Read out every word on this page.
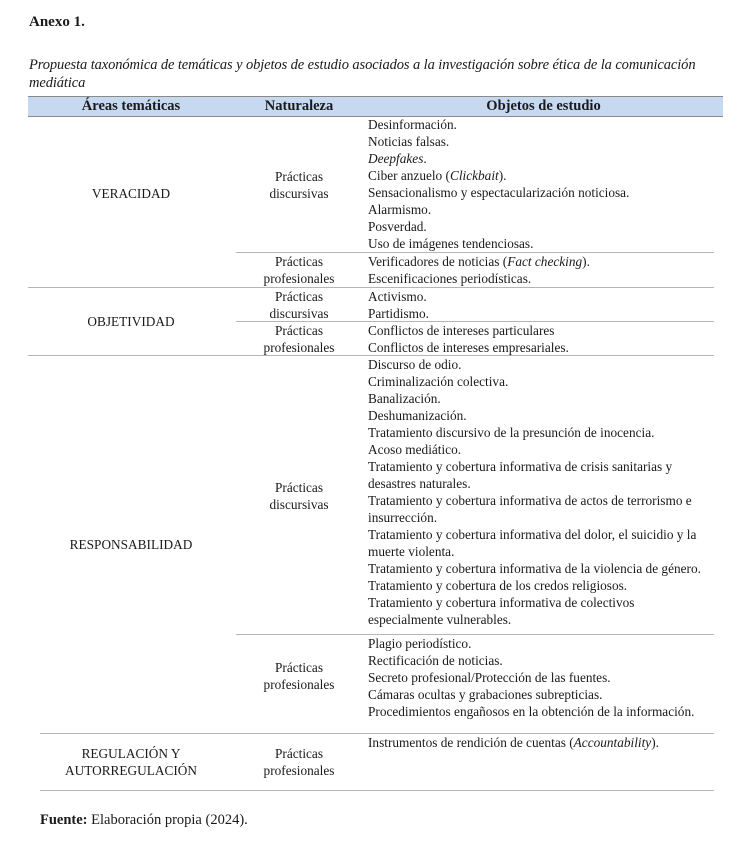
Anexo 1.
Propuesta taxonómica de temáticas y objetos de estudio asociados a la investigación sobre ética de la comunicación mediática
Áreas temáticas	Naturaleza	Objetos de estudio
VERACIDAD
Prácticas
discursivas
Desinformación.
Noticias falsas.
Deepfakes.
Ciber anzuelo (Clickbait).
Sensacionalismo y espectacularización noticiosa.
Alarmismo.
Posverdad.
Uso de imágenes tendenciosas.
Prácticas
profesionales
Verificadores de noticias (Fact checking).
Escenificaciones periodísticas.
OBJETIVIDAD
Prácticas
discursivas
Activismo.
Partidismo.
Prácticas
profesionales
Conflictos de intereses particulares
Conflictos de intereses empresariales.
RESPONSABILIDAD
Prácticas
discursivas
Discurso de odio.
Criminalización colectiva.
Banalización.
Deshumanización.
Tratamiento discursivo de la presunción de inocencia.
Acoso mediático.
Tratamiento y cobertura informativa de crisis sanitarias y desastres naturales.
Tratamiento y cobertura informativa de actos de terrorismo e insurrección.
Tratamiento y cobertura informativa del dolor, el suicidio y la muerte violenta.
Tratamiento y cobertura informativa de la violencia de género.
Tratamiento y cobertura de los credos religiosos.
Tratamiento y cobertura informativa de colectivos especialmente vulnerables.
Prácticas
profesionales
Plagio periodístico.
Rectificación de noticias.
Secreto profesional/Protección de las fuentes.
Cámaras ocultas y grabaciones subrepticias.
Procedimientos engañosos en la obtención de la información.
REGULACIÓN Y
AUTORREGULACIÓN
Prácticas
profesionales
Instrumentos de rendición de cuentas (Accountability).
Fuente: Elaboración propia (2024).
